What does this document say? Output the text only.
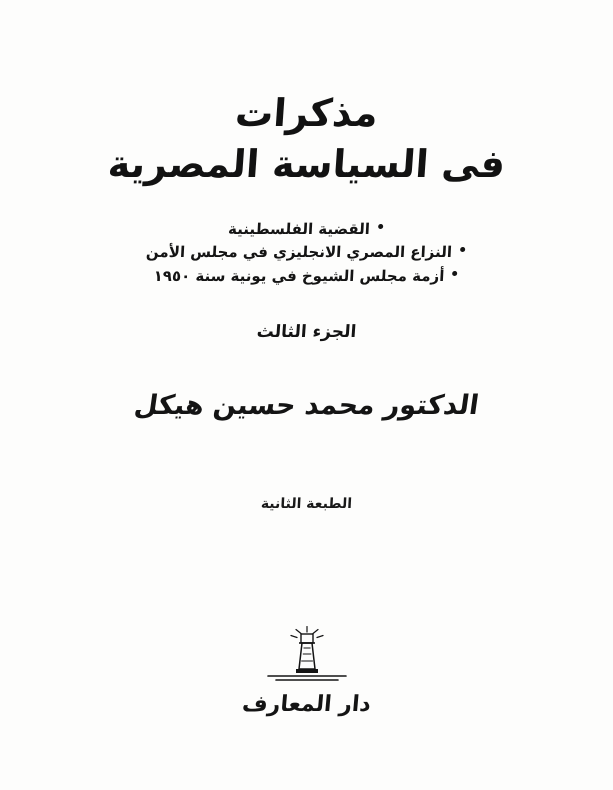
مذكرات
فى السياسة المصرية
القضية الفلسطينية
النزاع المصري الانجليزي في مجلس الأمن
أزمة مجلس الشيوخ في يونية سنة ١٩٥٠
الجزء الثالث
الدكتور محمد حسين هيكل
الطبعة الثانية
دار المعارف
